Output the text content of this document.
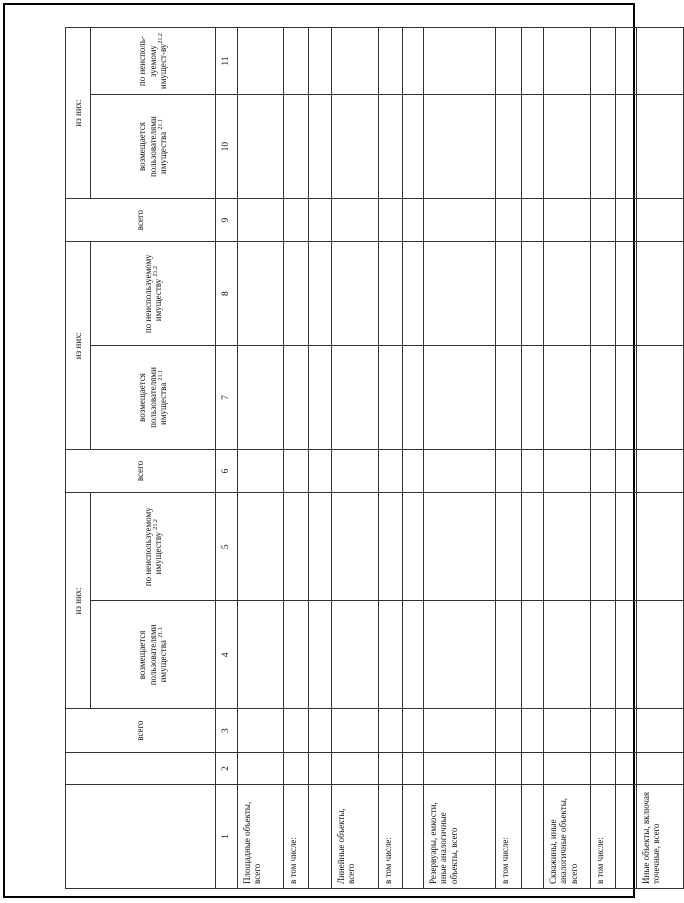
		всего	из них:		всего	из них:		всего	из них:	
			возмещается пользователями имущества $^{21.1}$	по неиспользуемому имуществу $^{21.2}$		возмещается пользователями имущества $^{21.1}$	по неиспользуемому имуществу $^{21.2}$		возмещается пользователями имущества $^{21.1}$	по неисполь-зуемому имущест-$ву^{21.2}$
1	2	3	4	5	6	7	8	9	10	11
Площадные объекты, всего										
в том числе:										

Линейные объекты, всего										
в том числе:										

Резервуары, емкости, иные аналогичные объекты, всего										
в том числе:										

Скважины, иные аналогичные объекты, всего										
в том числе:										

Иные объекты, включая точечные, всего										
